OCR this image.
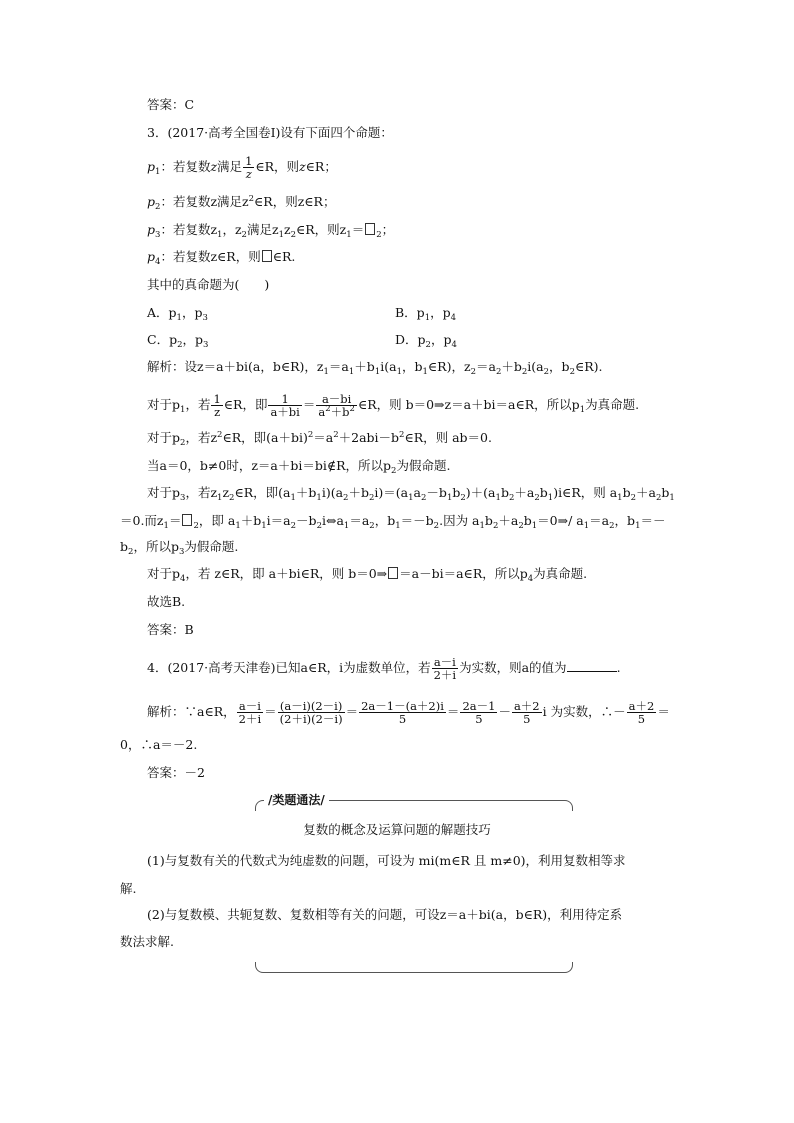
答案：C
3．(2017·高考全国卷Ⅰ)设有下面四个命题：
$p_1$：若复数z满足 $\frac{1}{z}$ ∈R，则z∈R；
$p_2$：若复数z满足$z^2\in R$，则z∈R；
$p_3$：若复数$z_1$，$z_2$满足$z_1z_2\in R$，则$z_1= _2$；
$p_4$：若复数z∈R，则 ∈R.
其中的真命题为(　　)
A．$p_1$，$p_3$	B．$p_1$，$p_4$
C．$p_2$，$p_3$	D．$p_2$，$p_4$
解析：设z＝a＋bi(a，b∈R)，$z_1=a_1+b_1i(a_1$，$b_1\in R$)，$z_2=a_2+b_2i(a_2$，$b_2\in R$).
对于$p_1$，若 $\frac{1}{z}$ ∈R，即 $\frac{1}{a+bi} = \frac{a-bi}{a^2+b^2}$ ∈R，则 b＝0⇒z＝a＋bi＝a∈R，所以$p_1$为真命题.
对于$p_2$，若$z^2\in R$，即$(a+bi)^2=a^2+2abi-b^2\in R$，则 ab＝0.
当a＝0，b≠0时，z＝a＋bi＝bi∉R，所以$p_2$为假命题.
对于$p_3$，若$z_1z_2\in R$，即$(a_1+b_1i)(a_2+b_2i)=(a_1a_2-b_1b_2)+(a_1b_2+a_2b_1)i\in R$，则 $a_1b_2+a_2b_1$
＝0.而$z_1= _2$，即 $a_1+b_1i=a_2-b_2i\Leftrightarrow a_1=a_2$，$b_1=-b_2$.因为 $a_1b_2+a_2b_1=0\Rightarrow/$ $a_1=a_2$，$b_1=-$
$b_2$，所以$p_3$为假命题.
对于$p_4$，若 z∈R，即 a＋bi∈R，则 b＝0⇒ ＝a－bi＝a∈R，所以$p_4$为真命题.
故选B.
答案：B
4．(2017·高考天津卷)已知a∈R，i为虚数单位，若 $\frac{a-i}{2+i}$ 为实数，则a的值为	.
解析：∵a∈R， $\frac{a-i}{2+i} = \frac{(a-i)(2-i)}{(2+i)(2-i)} = \frac{2a-1-(a+2)i}{5} = \frac{2a-1}{5} - \frac{a+2}{5}$ i 为实数，∴－ $\frac{a+2}{5}$ ＝
0，∴a＝－2.
答案：－2
/类题通法/
复数的概念及运算问题的解题技巧
(1)与复数有关的代数式为纯虚数的问题，可设为 mi(m∈R 且 m≠0)，利用复数相等求
解.
(2)与复数模、共轭复数、复数相等有关的问题，可设z＝a＋bi(a，b∈R)，利用待定系
数法求解.
